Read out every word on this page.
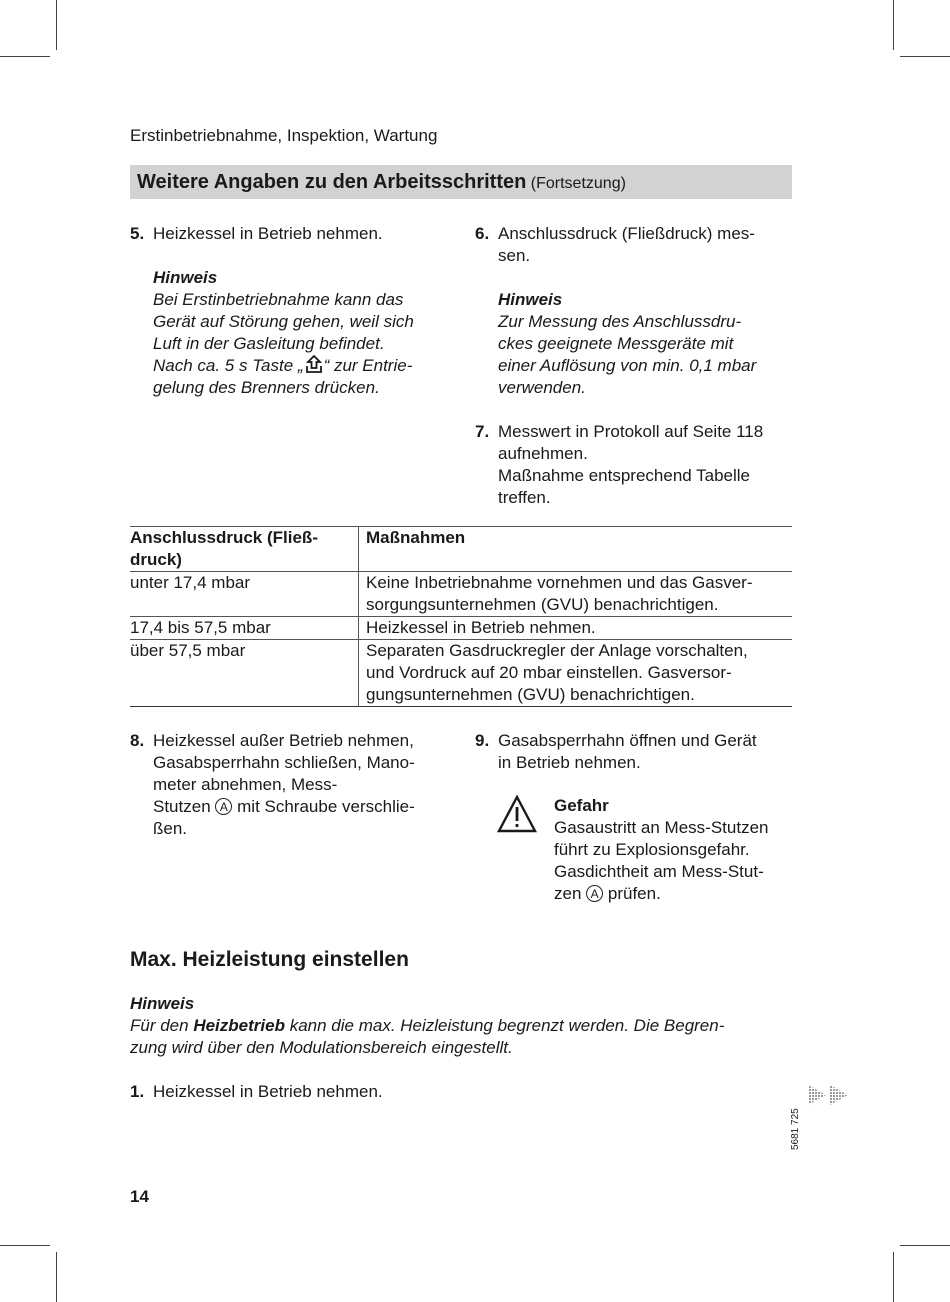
Erstinbetriebnahme, Inspektion, Wartung
Weitere Angaben zu den Arbeitsschritten (Fortsetzung)
5. Heizkessel in Betrieb nehmen.
Hinweis
Bei Erstinbetriebnahme kann das
Gerät auf Störung gehen, weil sich
Luft in der Gasleitung befindet.
Nach ca. 5 s Taste „ “ zur Entrie-
gelung des Brenners drücken.
6. Anschlussdruck (Fließdruck) mes-
sen.
Hinweis
Zur Messung des Anschlussdru-
ckes geeignete Messgeräte mit
einer Auflösung von min. 0,1 mbar
verwenden.
7. Messwert in Protokoll auf Seite 118
aufnehmen.
Maßnahme entsprechend Tabelle
treffen.
Anschlussdruck (Fließ-
druck)	Maßnahmen

unter 17,4 mbar	Keine Inbetriebnahme vornehmen und das Gasver-
sorgungsunternehmen (GVU) benachrichtigen.

17,4 bis 57,5 mbar	Heizkessel in Betrieb nehmen.

über 57,5 mbar	Separaten Gasdruckregler der Anlage vorschalten,
und Vordruck auf 20 mbar einstellen. Gasversor-
gungsunternehmen (GVU) benachrichtigen.
8. Heizkessel außer Betrieb nehmen,
Gasabsperrhahn schließen, Mano-
meter abnehmen, Mess-
Stutzen A mit Schraube verschlie-
ßen.
9. Gasabsperrhahn öffnen und Gerät
in Betrieb nehmen.
Gefahr
Gasaustritt an Mess-Stutzen
führt zu Explosionsgefahr.
Gasdichtheit am Mess-Stut-
zen A prüfen.
Max. Heizleistung einstellen
Hinweis
Für den Heizbetrieb kann die max. Heizleistung begrenzt werden. Die Begren-
zung wird über den Modulationsbereich eingestellt.
1. Heizkessel in Betrieb nehmen.
5681 725
14
